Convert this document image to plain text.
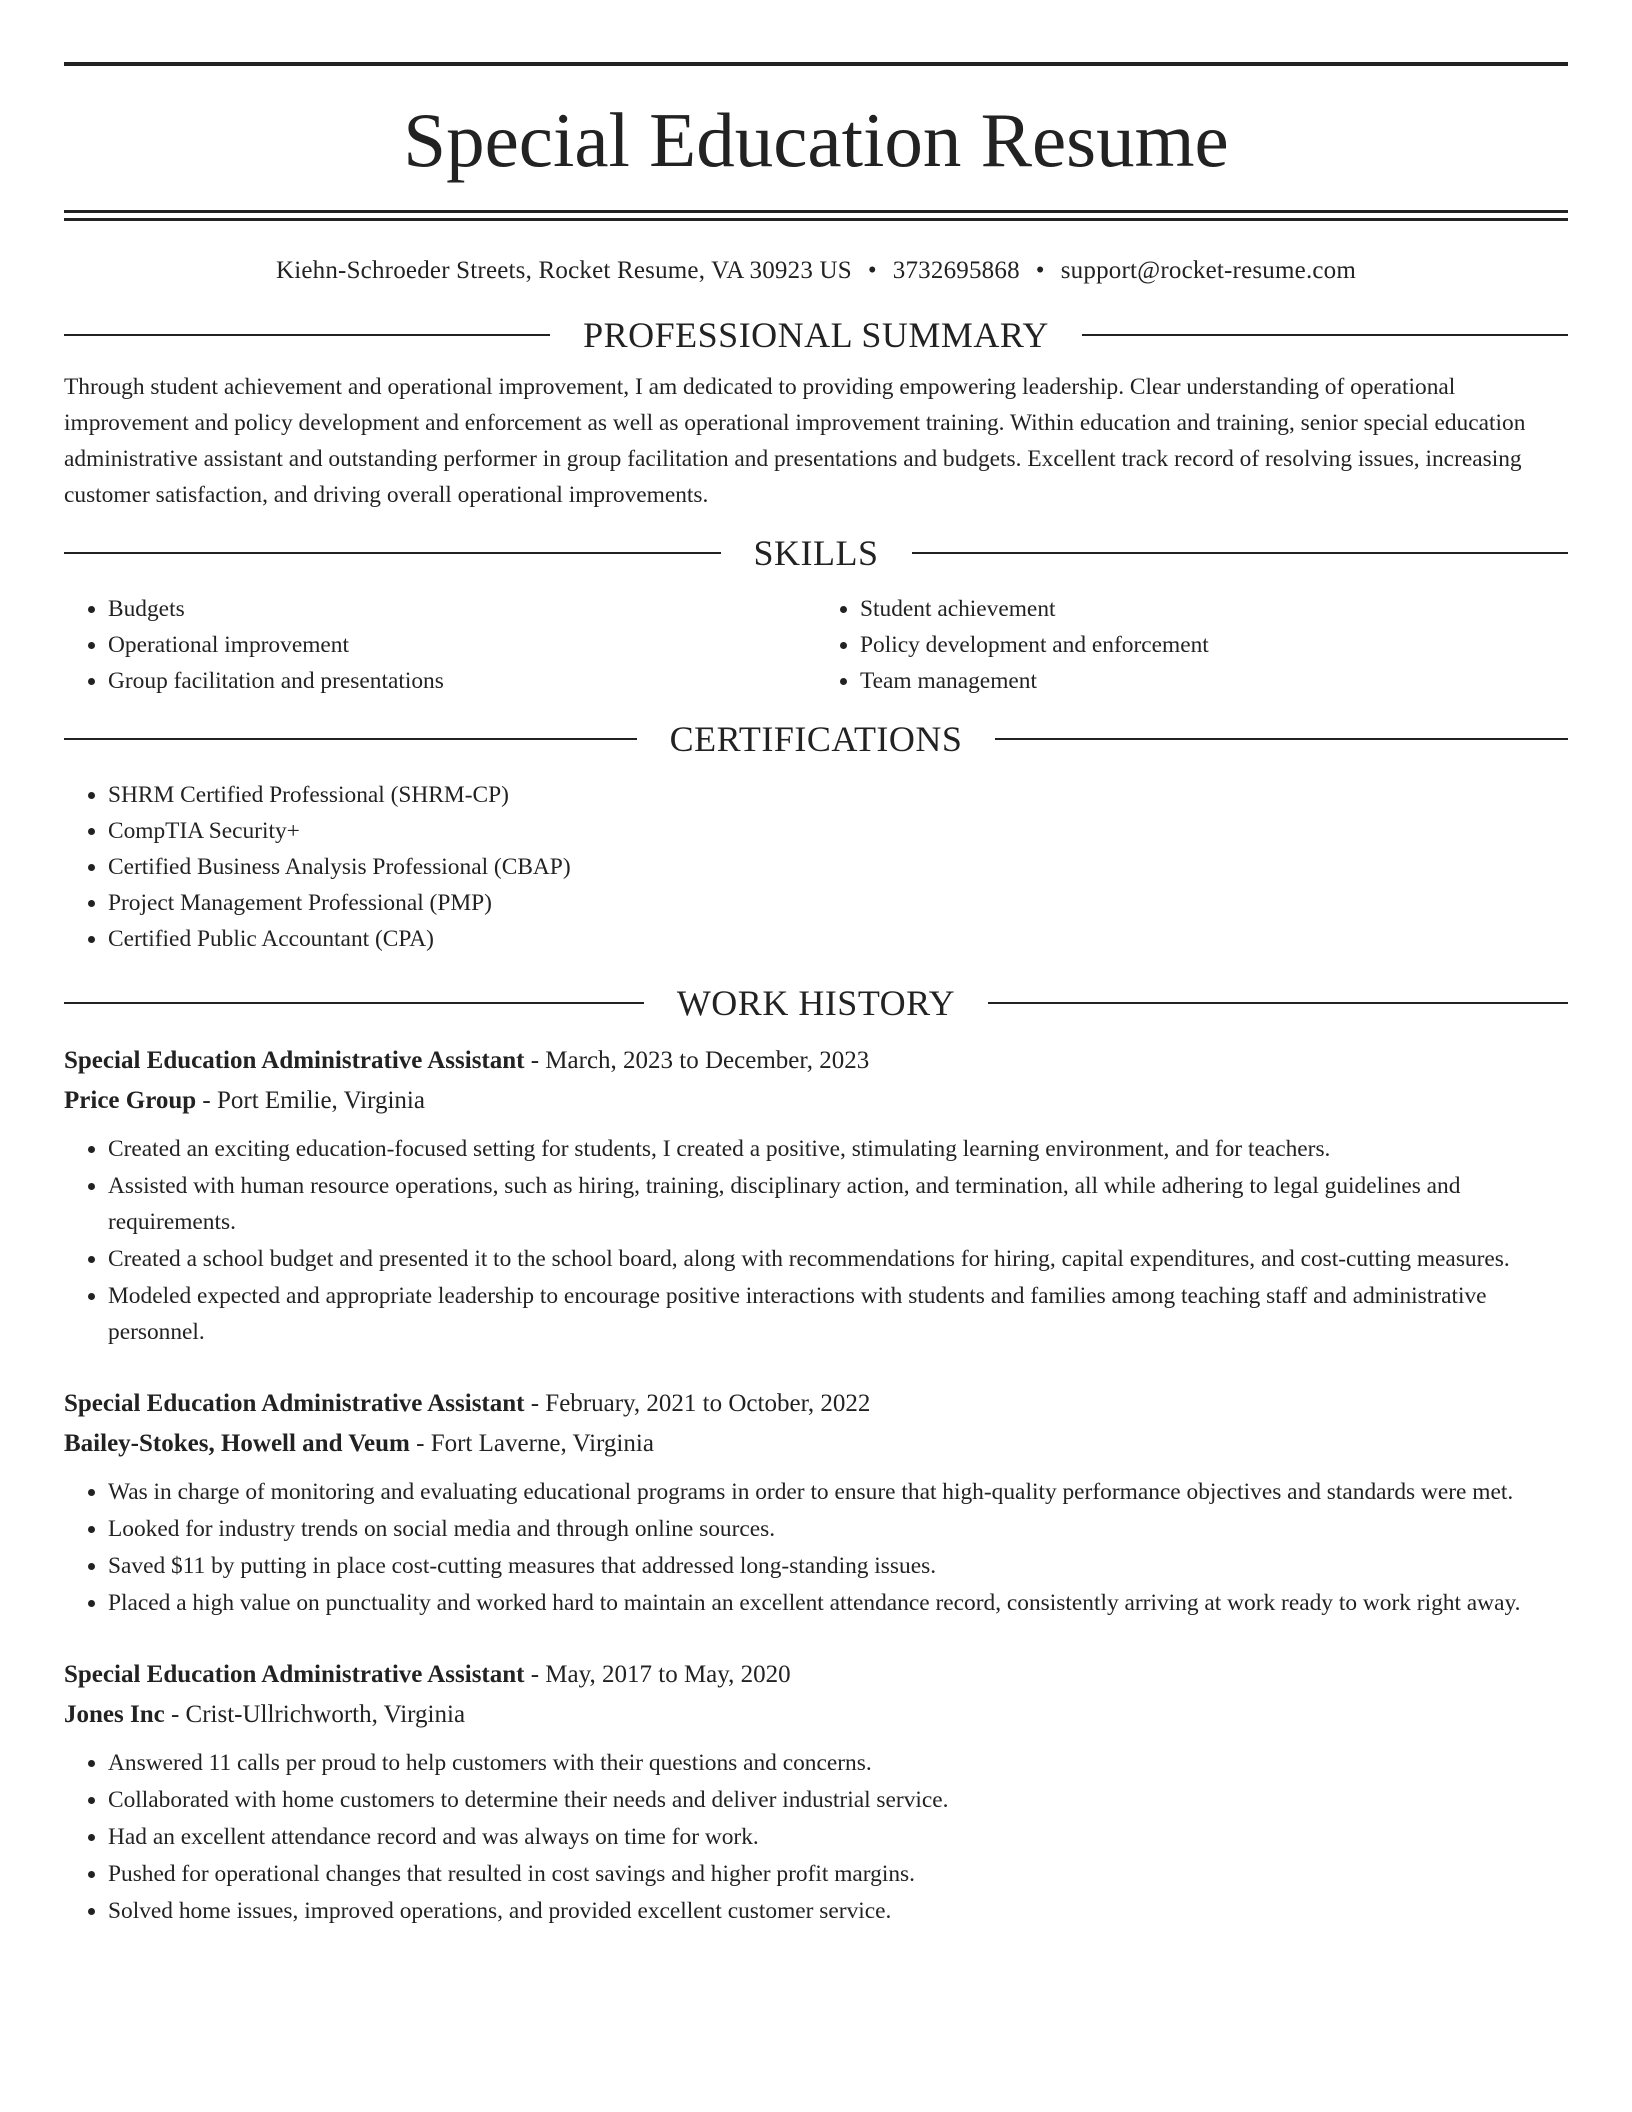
Special Education Resume
Kiehn-Schroeder Streets, Rocket Resume, VA 30923 US • 3732695868 • support@rocket-resume.com
PROFESSIONAL SUMMARY
Through student achievement and operational improvement, I am dedicated to providing empowering leadership. Clear understanding of operational improvement and policy development and enforcement as well as operational improvement training. Within education and training, senior special education administrative assistant and outstanding performer in group facilitation and presentations and budgets. Excellent track record of resolving issues, increasing customer satisfaction, and driving overall operational improvements.
SKILLS
• Budgets
• Operational improvement
• Group facilitation and presentations
• Student achievement
• Policy development and enforcement
• Team management
CERTIFICATIONS
• SHRM Certified Professional (SHRM-CP)
• CompTIA Security+
• Certified Business Analysis Professional (CBAP)
• Project Management Professional (PMP)
• Certified Public Accountant (CPA)
WORK HISTORY
Special Education Administrative Assistant - March, 2023 to December, 2023
Price Group - Port Emilie, Virginia
• Created an exciting education-focused setting for students, I created a positive, stimulating learning environment, and for teachers.
• Assisted with human resource operations, such as hiring, training, disciplinary action, and termination, all while adhering to legal guidelines and requirements.
• Created a school budget and presented it to the school board, along with recommendations for hiring, capital expenditures, and cost-cutting measures.
• Modeled expected and appropriate leadership to encourage positive interactions with students and families among teaching staff and administrative personnel.
Special Education Administrative Assistant - February, 2021 to October, 2022
Bailey-Stokes, Howell and Veum - Fort Laverne, Virginia
• Was in charge of monitoring and evaluating educational programs in order to ensure that high-quality performance objectives and standards were met.
• Looked for industry trends on social media and through online sources.
• Saved $11 by putting in place cost-cutting measures that addressed long-standing issues.
• Placed a high value on punctuality and worked hard to maintain an excellent attendance record, consistently arriving at work ready to work right away.
Special Education Administrative Assistant - May, 2017 to May, 2020
Jones Inc - Crist-Ullrichworth, Virginia
• Answered 11 calls per proud to help customers with their questions and concerns.
• Collaborated with home customers to determine their needs and deliver industrial service.
• Had an excellent attendance record and was always on time for work.
• Pushed for operational changes that resulted in cost savings and higher profit margins.
• Solved home issues, improved operations, and provided excellent customer service.
